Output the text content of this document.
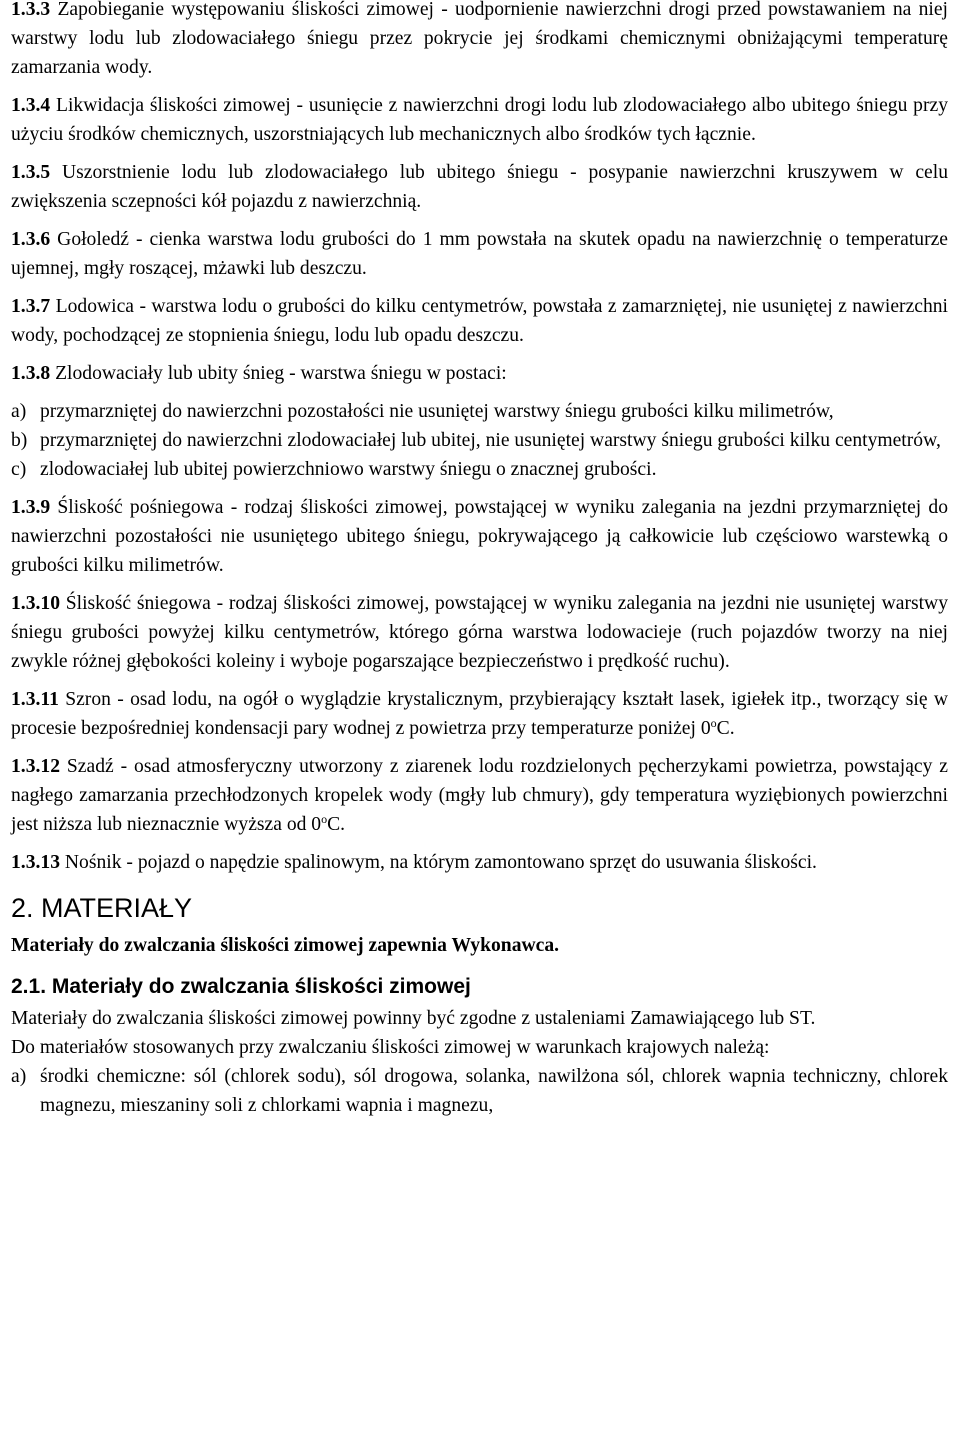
1.3.3 Zapobieganie występowaniu śliskości zimowej - uodpornienie nawierzchni drogi przed powstawaniem na niej warstwy lodu lub zlodowaciałego śniegu przez pokrycie jej środkami chemicznymi obniżającymi temperaturę zamarzania wody.

1.3.4 Likwidacja śliskości zimowej - usunięcie z nawierzchni drogi lodu lub zlodowaciałego albo ubitego śniegu przy użyciu środków chemicznych, uszorstniających lub mechanicznych albo środków tych łącznie.

1.3.5 Uszorstnienie lodu lub zlodowaciałego lub ubitego śniegu - posypanie nawierzchni kruszywem w celu zwiększenia sczepności kół pojazdu z nawierzchnią.

1.3.6 Gołoledź - cienka warstwa lodu grubości do 1 mm powstała na skutek opadu na nawierzchnię o temperaturze ujemnej, mgły roszącej, mżawki lub deszczu.

1.3.7 Lodowica - warstwa lodu o grubości do kilku centymetrów, powstała z zamarzniętej, nie usuniętej z nawierzchni wody, pochodzącej ze stopnienia śniegu, lodu lub opadu deszczu.

1.3.8 Zlodowaciały lub ubity śnieg - warstwa śniegu w postaci:

a) przymarzniętej do nawierzchni pozostałości nie usuniętej warstwy śniegu grubości kilku milimetrów,
b) przymarzniętej do nawierzchni zlodowaciałej lub ubitej, nie usuniętej warstwy śniegu grubości kilku centymetrów,
c) zlodowaciałej lub ubitej powierzchniowo warstwy śniegu o znacznej grubości.

1.3.9 Śliskość pośniegowa - rodzaj śliskości zimowej, powstającej w wyniku zalegania na jezdni przymarzniętej do nawierzchni pozostałości nie usuniętego ubitego śniegu, pokrywającego ją całkowicie lub częściowo warstewką o grubości kilku milimetrów.

1.3.10 Śliskość śniegowa - rodzaj śliskości zimowej, powstającej w wyniku zalegania na jezdni nie usuniętej warstwy śniegu grubości powyżej kilku centymetrów, którego górna warstwa lodowacieje (ruch pojazdów tworzy na niej zwykle różnej głębokości koleiny i wyboje pogarszające bezpieczeństwo i prędkość ruchu).

1.3.11 Szron - osad lodu, na ogół o wyglądzie krystalicznym, przybierający kształt lasek, igiełek itp., tworzący się w procesie bezpośredniej kondensacji pary wodnej z powietrza przy temperaturze poniżej 0$^o$C.

1.3.12 Szadź - osad atmosferyczny utworzony z ziarenek lodu rozdzielonych pęcherzykami powietrza, powstający z nagłego zamarzania przechłodzonych kropelek wody (mgły lub chmury), gdy temperatura wyziębionych powierzchni jest niższa lub nieznacznie wyższa od 0$^o$C.

1.3.13 Nośnik - pojazd o napędzie spalinowym, na którym zamontowano sprzęt do usuwania śliskości.

2. MATERIAŁY

Materiały do zwalczania śliskości zimowej zapewnia Wykonawca.

2.1. Materiały do zwalczania śliskości zimowej

Materiały do zwalczania śliskości zimowej powinny być zgodne z ustaleniami Zamawiającego lub ST.

Do materiałów stosowanych przy zwalczaniu śliskości zimowej w warunkach krajowych należą:

a) środki chemiczne: sól (chlorek sodu), sól drogowa, solanka, nawilżona sól, chlorek wapnia techniczny, chlorek magnezu, mieszaniny soli z chlorkami wapnia i magnezu,
